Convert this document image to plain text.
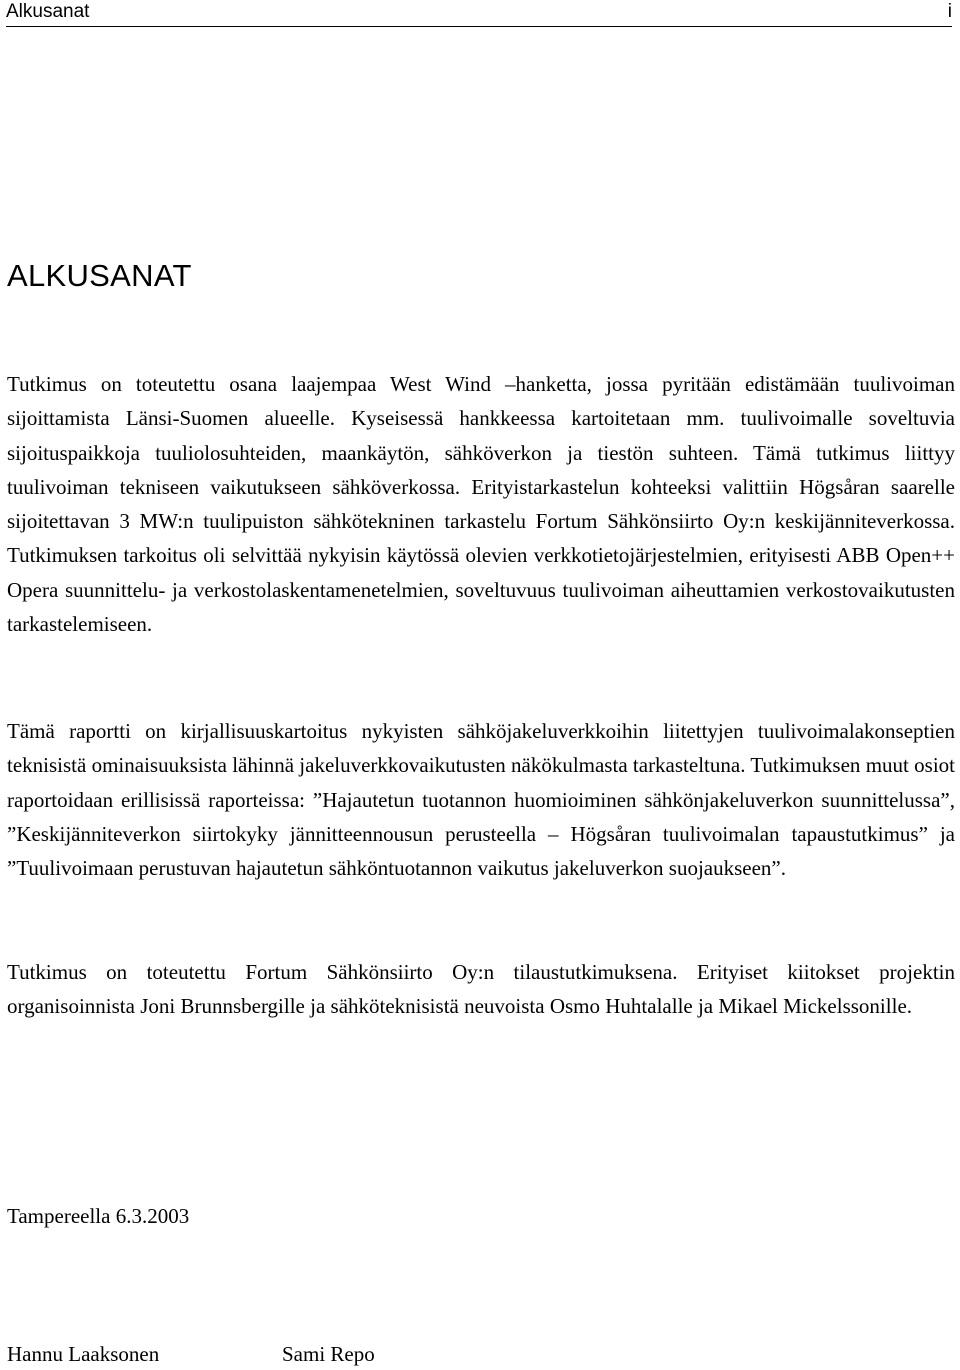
Alkusanat	i
ALKUSANAT

Tutkimus on toteutettu osana laajempaa West Wind –hanketta, jossa pyritään edistämään tuulivoiman sijoittamista Länsi-Suomen alueelle. Kyseisessä hankkeessa kartoitetaan mm. tuulivoimalle soveltuvia sijoituspaikkoja tuuliolosuhteiden, maankäytön, sähköverkon ja tiestön suhteen. Tämä tutkimus liittyy tuulivoiman tekniseen vaikutukseen sähköverkossa. Erityistarkastelun kohteeksi valittiin Högsåran saarelle sijoitettavan 3 MW:n tuulipuiston sähkötekninen tarkastelu Fortum Sähkönsiirto Oy:n keskijänniteverkossa. Tutkimuksen tarkoitus oli selvittää nykyisin käytössä olevien verkkotietojärjestelmien, erityisesti ABB Open++ Opera suunnittelu- ja verkostolaskentamenetelmien, soveltuvuus tuulivoiman aiheuttamien verkostovaikutusten tarkastelemiseen.

Tämä raportti on kirjallisuuskartoitus nykyisten sähköjakeluverkkoihin liitettyjen tuulivoimalakonseptien teknisistä ominaisuuksista lähinnä jakeluverkkovaikutusten näkökulmasta tarkasteltuna. Tutkimuksen muut osiot raportoidaan erillisissä raporteissa: ”Hajautetun tuotannon huomioiminen sähkönjakeluverkon suunnittelussa”, ”Keskijänniteverkon siirtokyky jännitteennousun perusteella – Högsåran tuulivoimalan tapaustutkimus” ja ”Tuulivoimaan perustuvan hajautetun sähköntuotannon vaikutus jakeluverkon suojaukseen”.

Tutkimus on toteutettu Fortum Sähkönsiirto Oy:n tilaustutkimuksena. Erityiset kiitokset projektin organisoinnista Joni Brunnsbergille ja sähköteknisistä neuvoista Osmo Huhtalalle ja Mikael Mickelssonille.

Tampereella 6.3.2003

Hannu Laaksonen	Sami Repo
